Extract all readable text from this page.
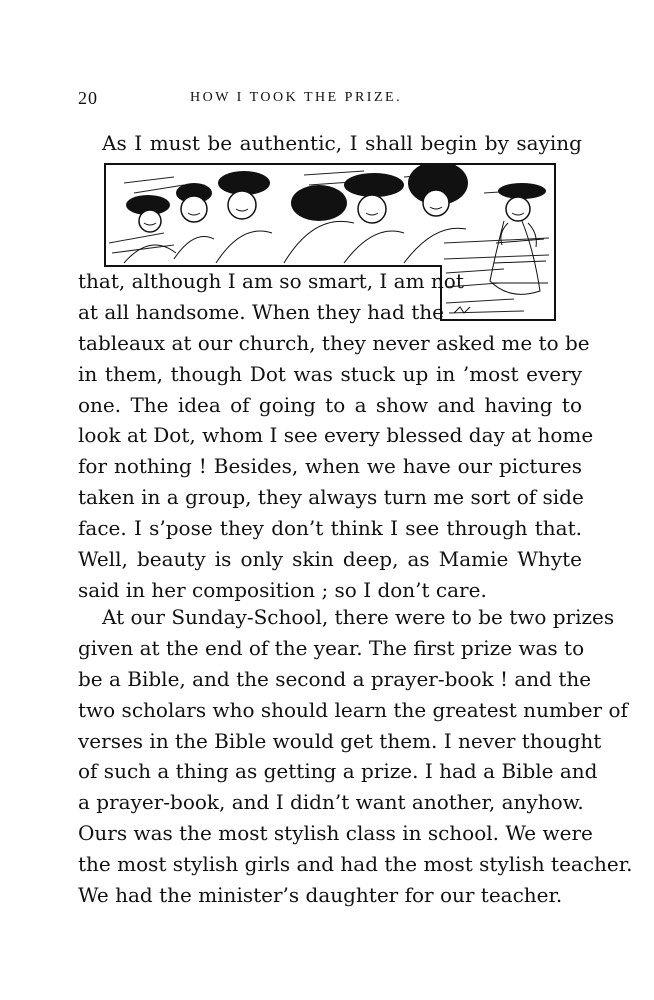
20	HOW I TOOK THE PRIZE.
As I must be authentic, I shall begin by saying
that, although I am so smart, I am not
at all handsome. When they had the
tableaux at our church, they never asked me to be
in them, though Dot was stuck up in ’most every
one. The idea of going to a show and having to
look at Dot, whom I see every blessed day at home
for nothing ! Besides, when we have our pictures
taken in a group, they always turn me sort of side
face. I s’pose they don’t think I see through that.
Well, beauty is only skin deep, as Mamie Whyte
said in her composition ; so I don’t care.
At our Sunday-School, there were to be two prizes
given at the end of the year. The first prize was to
be a Bible, and the second a prayer-book ! and the
two scholars who should learn the greatest number of
verses in the Bible would get them. I never thought
of such a thing as getting a prize. I had a Bible and
a prayer-book, and I didn’t want another, anyhow.
Ours was the most stylish class in school. We were
the most stylish girls and had the most stylish teacher.
We had the minister’s daughter for our teacher.
